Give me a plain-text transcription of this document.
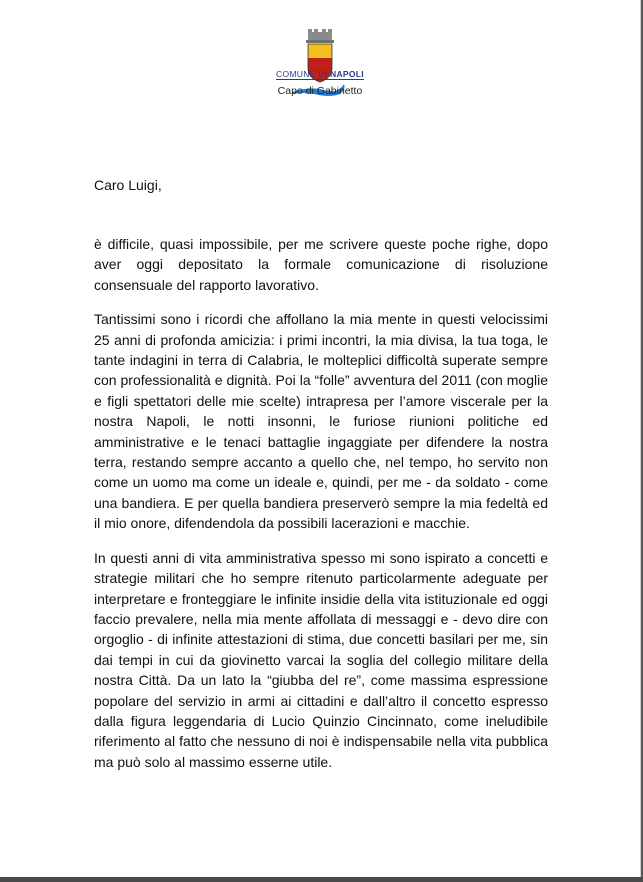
COMUNE DI NAPOLI
Capo di Gabinetto
Caro Luigi,

è difficile, quasi impossibile, per me scrivere queste poche righe, dopo aver oggi depositato la formale comunicazione di risoluzione consensuale del rapporto lavorativo.

Tantissimi sono i ricordi che affollano la mia mente in questi velocissimi 25 anni di profonda amicizia: i primi incontri, la mia divisa, la tua toga, le tante indagini in terra di Calabria, le molteplici difficoltà superate sempre con professionalità e dignità. Poi la “folle” avventura del 2011 (con moglie e figli spettatori delle mie scelte) intrapresa per l’amore viscerale per la nostra Napoli, le notti insonni, le furiose riunioni politiche ed amministrative e le tenaci battaglie ingaggiate per difendere la nostra terra, restando sempre accanto a quello che, nel tempo, ho servito non come un uomo ma come un ideale e, quindi, per me - da soldato - come una bandiera. E per quella bandiera preserverò sempre la mia fedeltà ed il mio onore, difendendola da possibili lacerazioni e macchie.

In questi anni di vita amministrativa spesso mi sono ispirato a concetti e strategie militari che ho sempre ritenuto particolarmente adeguate per interpretare e fronteggiare le infinite insidie della vita istituzionale ed oggi faccio prevalere, nella mia mente affollata di messaggi e - devo dire con orgoglio - di infinite attestazioni di stima, due concetti basilari per me, sin dai tempi in cui da giovinetto varcai la soglia del collegio militare della nostra Città. Da un lato la “giubba del re”, come massima espressione popolare del servizio in armi ai cittadini e dall’altro il concetto espresso dalla figura leggendaria di Lucio Quinzio Cincinnato, come ineludibile riferimento al fatto che nessuno di noi è indispensabile nella vita pubblica ma può solo al massimo esserne utile.
